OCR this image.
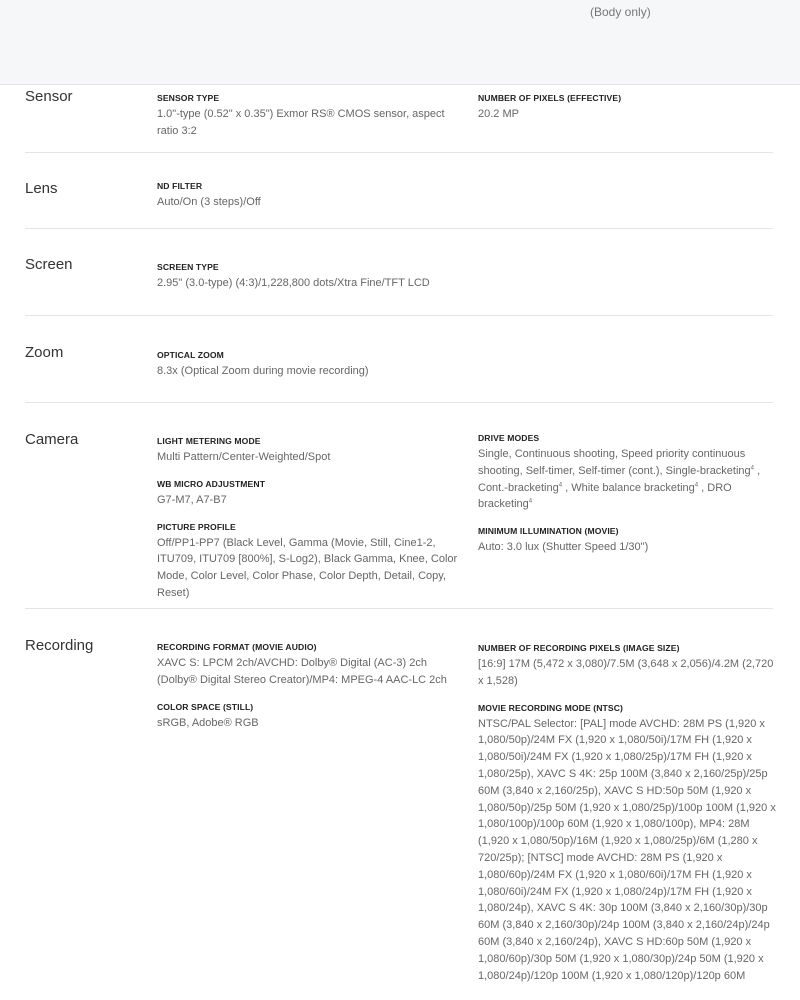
(Body only)
Sensor	SENSOR TYPE
1.0"-type (0.52" x 0.35") Exmor RS® CMOS sensor, aspect ratio 3:2
NUMBER OF PIXELS (EFFECTIVE)
20.2 MP
Lens	ND FILTER
Auto/On (3 steps)/Off
Screen	SCREEN TYPE
2.95" (3.0-type) (4:3)/1,228,800 dots/Xtra Fine/TFT LCD
Zoom	OPTICAL ZOOM
8.3x (Optical Zoom during movie recording)
Camera	LIGHT METERING MODE
Multi Pattern/Center-Weighted/Spot
WB MICRO ADJUSTMENT
G7-M7, A7-B7
PICTURE PROFILE
Off/PP1-PP7 (Black Level, Gamma (Movie, Still, Cine1-2, ITU709, ITU709 [800%], S-Log2), Black Gamma, Knee, Color Mode, Color Level, Color Phase, Color Depth, Detail, Copy, Reset)
DRIVE MODES
Single, Continuous shooting, Speed priority continuous shooting, Self-timer, Self-timer (cont.), Single-bracketing$^4$ , Cont.-bracketing$^4$ , White balance bracketing$^4$ , DRO bracketing$^4$
MINIMUM ILLUMINATION (MOVIE)
Auto: 3.0 lux (Shutter Speed 1/30")
Recording	RECORDING FORMAT (MOVIE AUDIO)
XAVC S: LPCM 2ch/AVCHD: Dolby® Digital (AC-3) 2ch (Dolby® Digital Stereo Creator)/MP4: MPEG-4 AAC-LC 2ch
COLOR SPACE (STILL)
sRGB, Adobe® RGB
NUMBER OF RECORDING PIXELS (IMAGE SIZE)
[16:9] 17M (5,472 x 3,080)/7.5M (3,648 x 2,056)/4.2M (2,720 x 1,528)
MOVIE RECORDING MODE (NTSC)
NTSC/PAL Selector: [PAL] mode AVCHD: 28M PS (1,920 x 1,080/50p)/24M FX (1,920 x 1,080/50i)/17M FH (1,920 x 1,080/50i)/24M FX (1,920 x 1,080/25p)/17M FH (1,920 x 1,080/25p), XAVC S 4K: 25p 100M (3,840 x 2,160/25p)/25p 60M (3,840 x 2,160/25p), XAVC S HD:50p 50M (1,920 x 1,080/50p)/25p 50M (1,920 x 1,080/25p)/100p 100M (1,920 x 1,080/100p)/100p 60M (1,920 x 1,080/100p), MP4: 28M (1,920 x 1,080/50p)/16M (1,920 x 1,080/25p)/6M (1,280 x 720/25p); [NTSC] mode AVCHD: 28M PS (1,920 x 1,080/60p)/24M FX (1,920 x 1,080/60i)/17M FH (1,920 x 1,080/60i)/24M FX (1,920 x 1,080/24p)/17M FH (1,920 x 1,080/24p), XAVC S 4K: 30p 100M (3,840 x 2,160/30p)/30p 60M (3,840 x 2,160/30p)/24p 100M (3,840 x 2,160/24p)/24p 60M (3,840 x 2,160/24p), XAVC S HD:60p 50M (1,920 x 1,080/60p)/30p 50M (1,920 x 1,080/30p)/24p 50M (1,920 x 1,080/24p)/120p 100M (1,920 x 1,080/120p)/120p 60M
